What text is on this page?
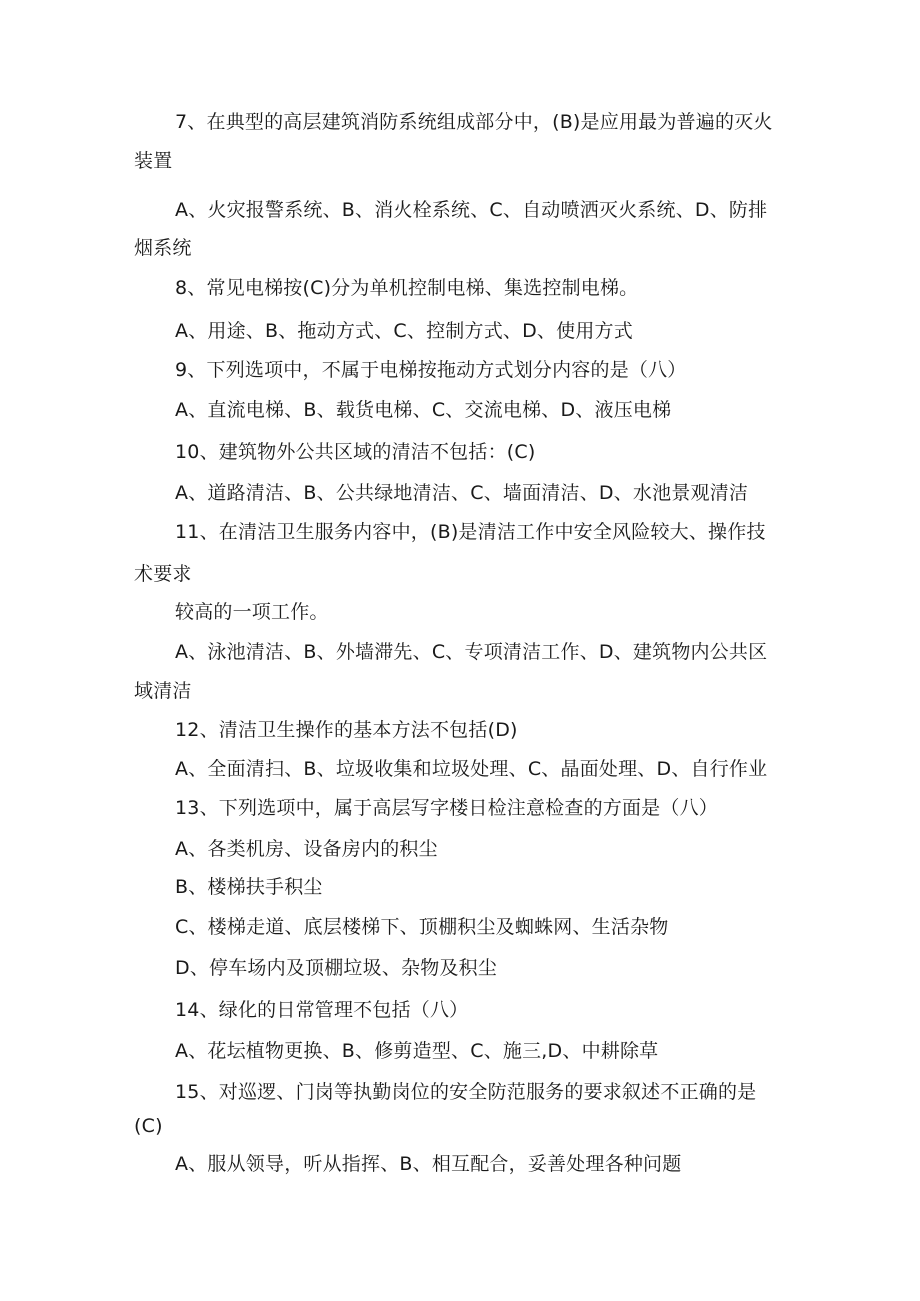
7、在典型的高层建筑消防系统组成部分中，(B)是应用最为普遍的灭火
装置
A、火灾报警系统、B、消火栓系统、C、自动喷洒灭火系统、D、防排
烟系统
8、常见电梯按(C)分为单机控制电梯、集选控制电梯。
A、用途、B、拖动方式、C、控制方式、D、使用方式
9、下列选项中，不属于电梯按拖动方式划分内容的是（八）
A、直流电梯、B、载货电梯、C、交流电梯、D、液压电梯
10、建筑物外公共区域的清洁不包括：(C)
A、道路清洁、B、公共绿地清洁、C、墙面清洁、D、水池景观清洁
11、在清洁卫生服务内容中，(B)是清洁工作中安全风险较大、操作技
术要求
较高的一项工作。
A、泳池清洁、B、外墙滞先、C、专项清洁工作、D、建筑物内公共区
域清洁
12、清洁卫生操作的基本方法不包括(D)
A、全面清扫、B、垃圾收集和垃圾处理、C、晶面处理、D、自行作业
13、下列选项中，属于高层写字楼日检注意检查的方面是（八）
A、各类机房、设备房内的积尘
B、楼梯扶手积尘
C、楼梯走道、底层楼梯下、顶棚积尘及蜘蛛网、生活杂物
D、停车场内及顶棚垃圾、杂物及积尘
14、绿化的日常管理不包括（八）
A、花坛植物更换、B、修剪造型、C、施三,D、中耕除草
15、对巡逻、门岗等执勤岗位的安全防范服务的要求叙述不正确的是
(C)
A、服从领导，听从指挥、B、相互配合，妥善处理各种问题
